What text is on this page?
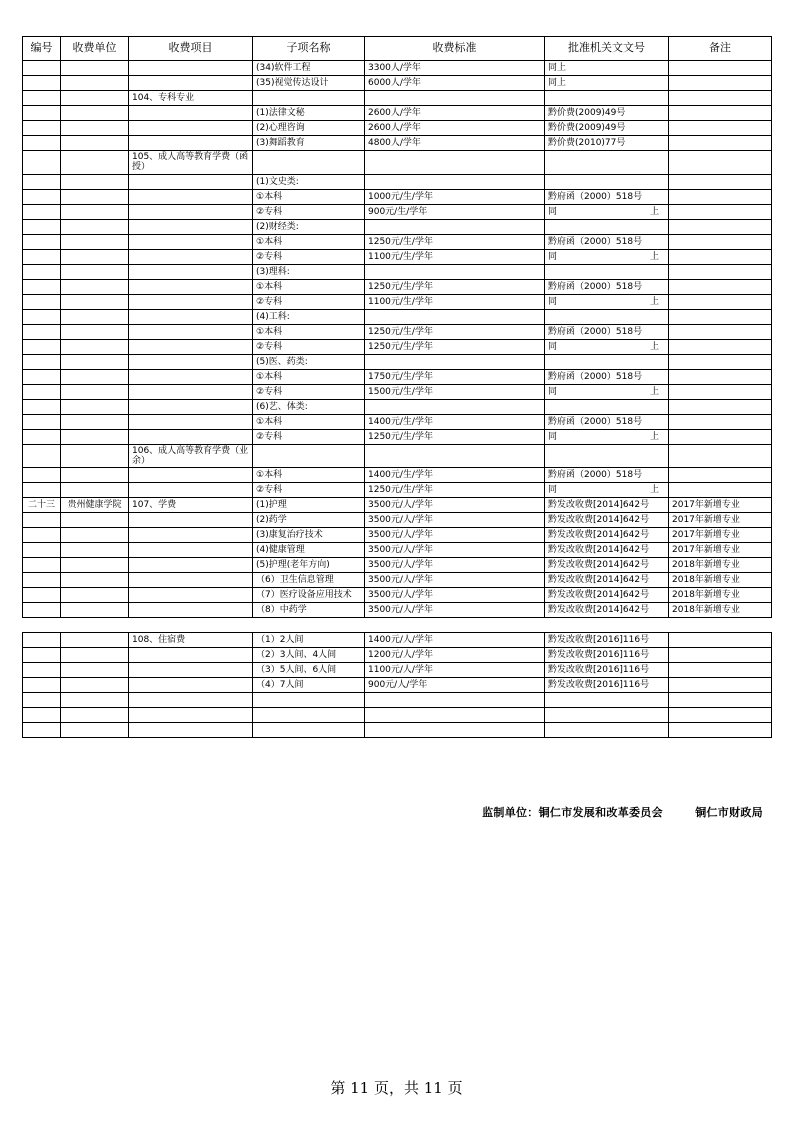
编号	收费单位	收费项目	子项名称	收费标准	批准机关文文号	备注
			(34)软件工程	3300人/学年	同上	
			(35)视觉传达设计	6000人/学年	同上	
		104、专科专业				
			(1)法律文秘	2600人/学年	黔价费(2009)49号	
			(2)心理咨询	2600人/学年	黔价费(2009)49号	
			(3)舞蹈教育	4800人/学年	黔价费(2010)77号	
		105、成人高等教育学费（函授）				
			(1)文史类:			
			①本科	1000元/生/学年	黔府函（2000）518号	
			②专科	900元/生/学年	同 上	

			(2)财经类:			
			①本科	1250元/生/学年	黔府函（2000）518号	
			②专科	1100元/生/学年	同 上	

			(3)理科:			
			①本科	1250元/生/学年	黔府函（2000）518号	
			②专科	1100元/生/学年	同 上	

			(4)工科:			
			①本科	1250元/生/学年	黔府函（2000）518号	
			②专科	1250元/生/学年	同 上	

			(5)医、药类:			
			①本科	1750元/生/学年	黔府函（2000）518号	
			②专科	1500元/生/学年	同 上	

			(6)艺、体类:			
			①本科	1400元/生/学年	黔府函（2000）518号	
			②专科	1250元/生/学年	同 上	

		106、成人高等教育学费（业余）				
			①本科	1400元/生/学年	黔府函（2000）518号	
			②专科	1250元/生/学年	同 上	

二十三	贵州健康学院	107、学费	(1)护理	3500元/人/学年	黔发改收费[2014]642号	2017年新增专业
			(2)药学	3500元/人/学年	黔发改收费[2014]642号	2017年新增专业
			(3)康复治疗技术	3500元/人/学年	黔发改收费[2014]642号	2017年新增专业
			(4)健康管理	3500元/人/学年	黔发改收费[2014]642号	2017年新增专业
			(5)护理(老年方向)	3500元/人/学年	黔发改收费[2014]642号	2018年新增专业
			（6）卫生信息管理	3500元/人/学年	黔发改收费[2014]642号	2018年新增专业
			（7）医疗设备应用技术	3500元/人/学年	黔发改收费[2014]642号	2018年新增专业
			（8）中药学	3500元/人/学年	黔发改收费[2014]642号	2018年新增专业
		108、住宿费	（1）2人间	1400元/人/学年	黔发改收费[2016]116号	
			（2）3人间、4人间	1200元/人/学年	黔发改收费[2016]116号	
			（3）5人间、6人间	1100元/人/学年	黔发改收费[2016]116号	
			（4）7人间	900元/人/学年	黔发改收费[2016]116号	

监制单位：铜仁市发展和改革委员会	铜仁市财政局
第 11 页，共 11 页
